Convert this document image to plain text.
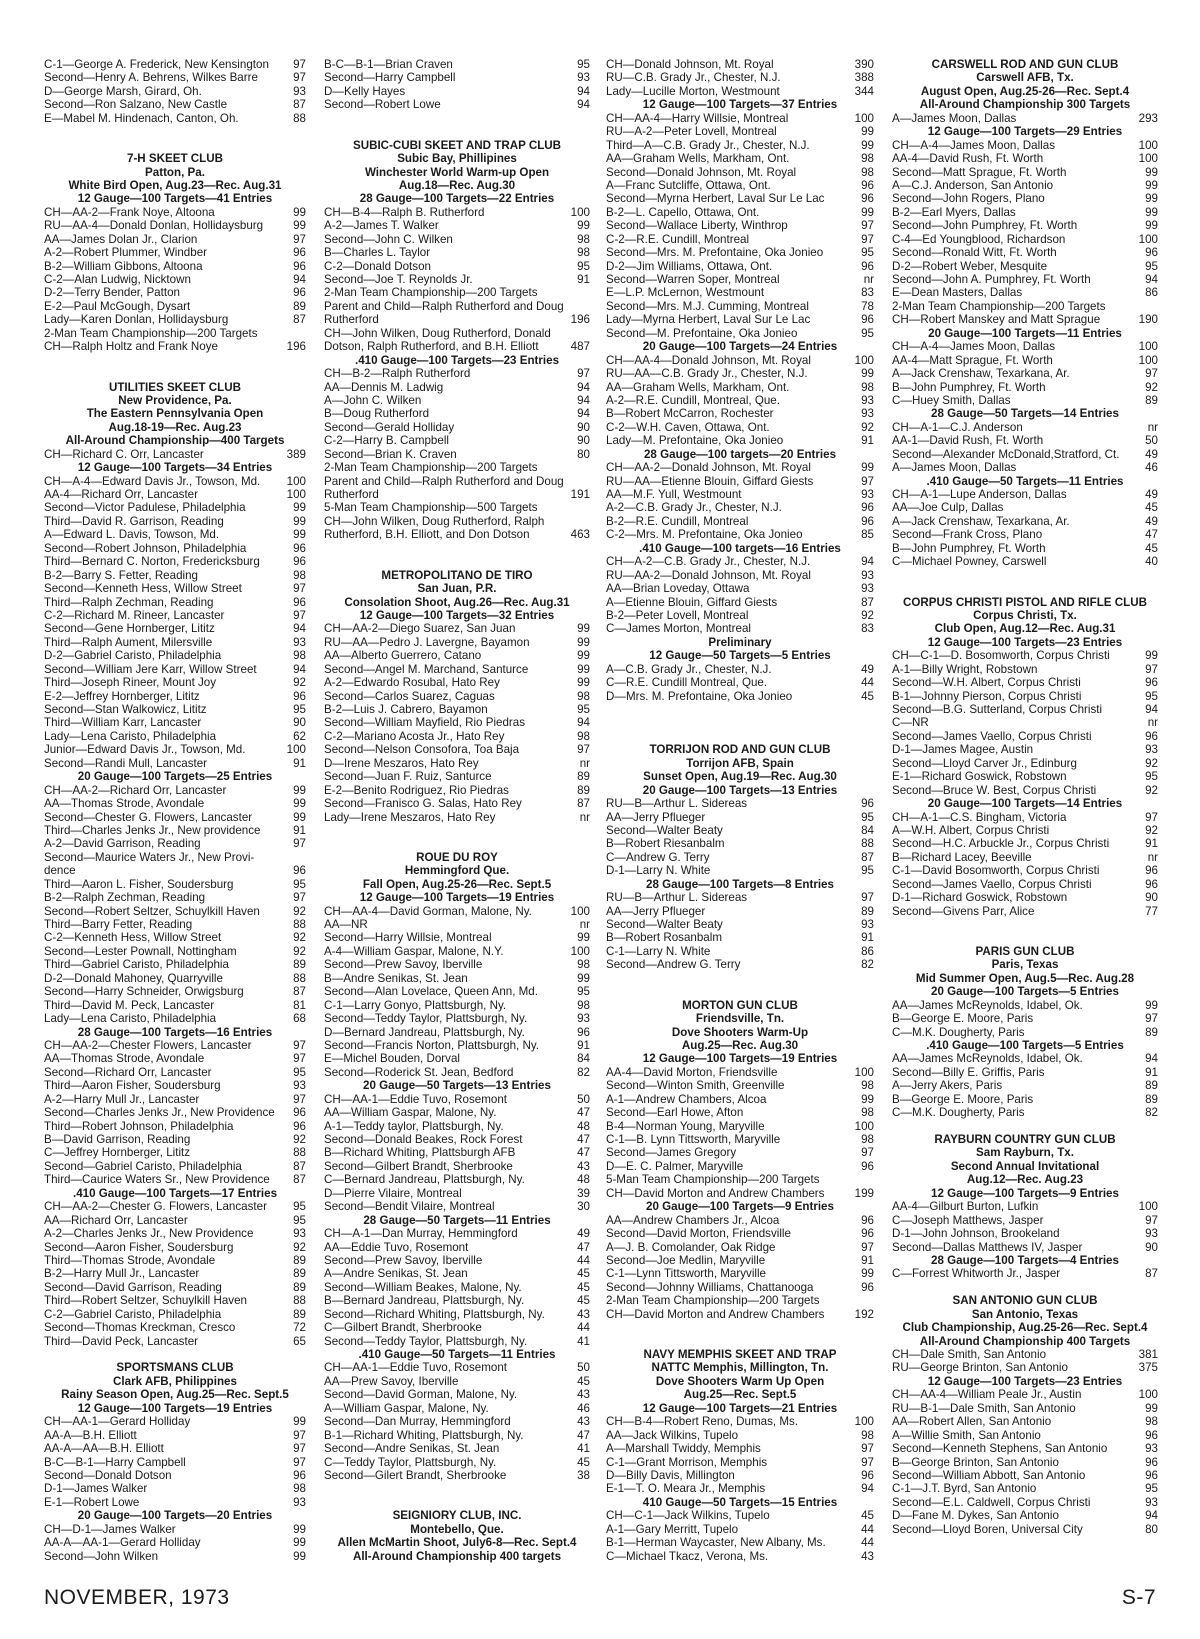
C-1—George A. Frederick, New Kensington	97
Second—Henry A. Behrens, Wilkes Barre	97
D—George Marsh, Girard, Oh.	93
Second—Ron Salzano, New Castle	87
E—Mabel M. Hindenach, Canton, Oh.	88
7-H SKEET CLUB
Patton, Pa.
White Bird Open, Aug.23—Rec. Aug.31
12 Gauge—100 Targets—41 Entries
CH—AA-2—Frank Noye, Altoona	99
RU—AA-4—Donald Donlan, Hollidaysburg	99
AA—James Dolan Jr., Clarion	97
A-2—Robert Plummer, Windber	96
B-2—William Gibbons, Altoona	96
C-2—Alan Ludwig, Nicktown	94
D-2—Terry Bender, Patton	96
E-2—Paul McGough, Dysart	89
Lady—Karen Donlan, Hollidaysburg	87
2-Man Team Championship—200 Targets
CH—Ralph Holtz and Frank Noye	196
UTILITIES SKEET CLUB
New Providence, Pa.
The Eastern Pennsylvania Open
Aug.18-19—Rec. Aug.23
All-Around Championship—400 Targets
CH—Richard C. Orr, Lancaster	389
12 Gauge—100 Targets—34 Entries
CH—A-4—Edward Davis Jr., Towson, Md.	100
AA-4—Richard Orr, Lancaster	100
Second—Victor Padulese, Philadelphia	99
Third—David R. Garrison, Reading	99
A—Edward L. Davis, Towson, Md.	99
Second—Robert Johnson, Philadelphia	96
Third—Bernard C. Norton, Fredericksburg	96
B-2—Barry S. Fetter, Reading	98
Second—Kenneth Hess, Willow Street	97
Third—Ralph Zechman, Reading	96
C-2—Richard M. Rineer, Lancaster	97
Second—Gene Hornberger, Lititz	94
Third—Ralph Aument, Milersville	93
D-2—Gabriel Caristo, Philadelphia	98
Second—William Jere Karr, Willow Street	94
Third—Joseph Rineer, Mount Joy	92
E-2—Jeffrey Hornberger, Lititz	96
Second—Stan Walkowicz, Lititz	95
Third—William Karr, Lancaster	90
Lady—Lena Caristo, Philadelphia	62
Junior—Edward Davis Jr., Towson, Md.	100
Second—Randi Mull, Lancaster	91
20 Gauge—100 Targets—25 Entries
CH—AA-2—Richard Orr, Lancaster	99
AA—Thomas Strode, Avondale	99
Second—Chester G. Flowers, Lancaster	99
Third—Charles Jenks Jr., New providence	91
A-2—David Garrison, Reading	97
Second—Maurice Waters Jr., New Provi-
dence	96
Third—Aaron L. Fisher, Soudersburg	95
B-2—Ralph Zechman, Reading	97
Second—Robert Seltzer, Schuylkill Haven	92
Third—Barry Fetter, Reading	88
C-2—Kenneth Hess, Willow Street	92
Second—Lester Pownall, Nottingham	92
Third—Gabriel Caristo, Philadelphia	89
D-2—Donald Mahoney, Quarryville	88
Second—Harry Schneider, Orwigsburg	87
Third—David M. Peck, Lancaster	81
Lady—Lena Caristo, Philadelphia	68
28 Gauge—100 Targets—16 Entries
CH—AA-2—Chester Flowers, Lancaster	97
AA—Thomas Strode, Avondale	97
Second—Richard Orr, Lancaster	95
Third—Aaron Fisher, Soudersburg	93
A-2—Harry Mull Jr., Lancaster	97
Second—Charles Jenks Jr., New Providence	96
Third—Robert Johnson, Philadelphia	96
B—David Garrison, Reading	92
C—Jeffrey Hornberger, Lititz	88
Second—Gabriel Caristo, Philadelphia	87
Third—Caurice Waters Sr., New Providence	87
.410 Gauge—100 Targets—17 Entries
CH—AA-2—Chester G. Flowers, Lancaster	95
AA—Richard Orr, Lancaster	95
A-2—Charles Jenks Jr., New Providence	93
Second—Aaron Fisher, Soudersburg	92
Third—Thomas Strode, Avondale	89
B-2—Harry Mull Jr., Lancaster	89
Second—David Garrison, Reading	89
Third—Robert Seltzer, Schuylkill Haven	88
C-2—Gabriel Caristo, Philadelphia	89
Second—Thomas Kreckman, Cresco	72
Third—David Peck, Lancaster	65
SPORTSMANS CLUB
Clark AFB, Philippines
Rainy Season Open, Aug.25—Rec. Sept.5
12 Gauge—100 Targets—19 Entries
CH—AA-1—Gerard Holliday	99
AA-A—B.H. Elliott	97
AA-A—AA—B.H. Elliott	97
B-C—B-1—Harry Campbell	97
Second—Donald Dotson	96
D-1—James Walker	98
E-1—Robert Lowe	93
20 Gauge—100 Targets—20 Entries
CH—D-1—James Walker	99
AA-A—AA-1—Gerard Holliday	99
Second—John Wilken	99
B-C—B-1—Brian Craven	95
Second—Harry Campbell	93
D—Kelly Hayes	94
Second—Robert Lowe	94
SUBIC-CUBI SKEET AND TRAP CLUB
Subic Bay, Phillipines
Winchester World Warm-up Open
Aug.18—Rec. Aug.30
28 Gauge—100 Targets—22 Entries
CH—B-4—Ralph B. Rutherford	100
A-2—James T. Walker	99
Second—John C. Wilken	98
B—Charles L. Taylor	98
C-2—Donald Dotson	95
Second—Joe T. Reynolds Jr.	91
2-Man Team Championship—200 Targets
Parent and Child—Ralph Rutherford and Doug
Rutherford	196
CH—John Wilken, Doug Rutherford, Donald
Dotson, Ralph Rutherford, and B.H. Elliott	487
.410 Gauge—100 Targets—23 Entries
CH—B-2—Ralph Rutherford	97
AA—Dennis M. Ladwig	94
A—John C. Wilken	94
B—Doug Rutherford	94
Second—Gerald Holliday	90
C-2—Harry B. Campbell	90
Second—Brian K. Craven	80
2-Man Team Championship—200 Targets
Parent and Child—Ralph Rutherford and Doug
Rutherford	191
5-Man Team Championship—500 Targets
CH—John Wilken, Doug Rutherford, Ralph
Rutherford, B.H. Elliott, and Don Dotson	463
METROPOLITANO DE TIRO
San Juan, P.R.
Consolation Shoot, Aug.26—Rec. Aug.31
12 Gauge—100 Targets—32 Entries
CH—AA-2—Diego Suarez, San Juan	99
RU—AA—Pedro J. Lavergne, Bayamon	99
AA—Alberto Guerrero, Catano	99
Second—Angel M. Marchand, Santurce	99
A-2—Edwardo Rosubal, Hato Rey	99
Second—Carlos Suarez, Caguas	98
B-2—Luis J. Cabrero, Bayamon	95
Second—William Mayfield, Rio Piedras	94
C-2—Mariano Acosta Jr., Hato Rey	98
Second—Nelson Consofora, Toa Baja	97
D—Irene Meszaros, Hato Rey	nr
Second—Juan F. Ruiz, Santurce	89
E-2—Benito Rodriguez, Rio Piedras	89
Second—Franisco G. Salas, Hato Rey	87
Lady—Irene Meszaros, Hato Rey	nr
ROUE DU ROY
Hemmingford Que.
Fall Open, Aug.25-26—Rec. Sept.5
12 Gauge—100 Targets—19 Entries
CH—AA-4—David Gorman, Malone, Ny.	100
AA—NR	nr
Second—Harry Willsie, Montreal	99
A-4—William Gaspar, Malone, N.Y.	100
Second—Prew Savoy, Iberville	98
B—Andre Senikas, St. Jean	99
Second—Alan Lovelace, Queen Ann, Md.	95
C-1—Larry Gonyo, Plattsburgh, Ny.	98
Second—Teddy Taylor, Plattsburgh, Ny.	93
D—Bernard Jandreau, Plattsburgh, Ny.	96
Second—Francis Norton, Plattsburgh, Ny.	91
E—Michel Bouden, Dorval	84
Second—Roderick St. Jean, Bedford	82
20 Gauge—50 Targets—13 Entries
CH—AA-1—Eddie Tuvo, Rosemont	50
AA—William Gaspar, Malone, Ny.	47
A-1—Teddy taylor, Plattsburgh, Ny.	48
Second—Donald Beakes, Rock Forest	47
B—Richard Whiting, Plattsburgh AFB	47
Second—Gilbert Brandt, Sherbrooke	43
C—Bernard Jandreau, Plattsburgh, Ny.	48
D—Pierre Vilaire, Montreal	39
Second—Bendit Vilaire, Montreal	30
28 Gauge—50 Targets—11 Entries
CH—A-1—Dan Murray, Hemmingford	49
AA—Eddie Tuvo, Rosemont	47
Second—Prew Savoy, Iberville	44
A—Andre Senikas, St. Jean	45
Second—William Beakes, Malone, Ny.	45
B—Bernard Jandreau, Plattsburgh, Ny.	45
Second—Richard Whiting, Plattsburgh, Ny.	43
C—Gilbert Brandt, Sherbrooke	44
Second—Teddy Taylor, Plattsburgh, Ny.	41
.410 Gauge—50 Targets—11 Entries
CH—AA-1—Eddie Tuvo, Rosemont	50
AA—Prew Savoy, Iberville	45
Second—David Gorman, Malone, Ny.	43
A—William Gaspar, Malone, Ny.	46
Second—Dan Murray, Hemmingford	43
B-1—Richard Whiting, Plattsburgh, Ny.	47
Second—Andre Senikas, St. Jean	41
C—Teddy Taylor, Plattsburgh, Ny.	45
Second—Gilert Brandt, Sherbrooke	38
SEIGNIORY CLUB, INC.
Montebello, Que.
Allen McMartin Shoot, July6-8—Rec. Sept.4
All-Around Championship 400 targets
CH—Donald Johnson, Mt. Royal	390
RU—C.B. Grady Jr., Chester, N.J.	388
Lady—Lucille Morton, Westmount	344
12 Gauge—100 Targets—37 Entries
CH—AA-4—Harry Willsie, Montreal	100
RU—A-2—Peter Lovell, Montreal	99
Third—A—C.B. Grady Jr., Chester, N.J.	99
AA—Graham Wells, Markham, Ont.	98
Second—Donald Johnson, Mt. Royal	98
A—Franc Sutcliffe, Ottawa, Ont.	96
Second—Myrna Herbert, Laval Sur Le Lac	96
B-2—L. Capello, Ottawa, Ont.	99
Second—Wallace Liberty, Winthrop	97
C-2—R.E. Cundill, Montreal	97
Second—Mrs. M. Prefontaine, Oka Jonieo	95
D-2—Jim Williams, Ottawa, Ont.	96
Second—Warren Soper, Montreal	nr
E—L.P. McLernon, Westmount	83
Second—Mrs. M.J. Cumming, Montreal	78
Lady—Myrna Herbert, Laval Sur Le Lac	96
Second—M. Prefontaine, Oka Jonieo	95
20 Gauge—100 Targets—24 Entries
CH—AA-4—Donald Johnson, Mt. Royal	100
RU—AA—C.B. Grady Jr., Chester, N.J.	99
AA—Graham Wells, Markham, Ont.	98
A-2—R.E. Cundill, Montreal, Que.	93
B—Robert McCarron, Rochester	93
C-2—W.H. Caven, Ottawa, Ont.	92
Lady—M. Prefontaine, Oka Jonieo	91
28 Gauge—100 targets—20 Entries
CH—AA-2—Donald Johnson, Mt. Royal	99
RU—AA—Etienne Blouin, Giffard Giests	97
AA—M.F. Yull, Westmount	93
A-2—C.B. Grady Jr., Chester, N.J.	96
B-2—R.E. Cundill, Montreal	96
C-2—Mrs. M. Prefontaine, Oka Jonieo	85
.410 Gauge—100 targets—16 Entries
CH—A-2—C.B. Grady Jr., Chester, N.J.	94
RU—AA-2—Donald Johnson, Mt. Royal	93
AA—Brian Loveday, Ottawa	93
A—Etienne Blouin, Giffard Giests	87
B-2—Peter Lovell, Montreal	92
C—James Morton, Montreal	83
Preliminary
12 Gauge—50 Targets—5 Entries
A—C.B. Grady Jr., Chester, N.J.	49
C—R.E. Cundill Montreal, Que.	44
D—Mrs. M. Prefontaine, Oka Jonieo	45
TORRIJON ROD AND GUN CLUB
Torrijon AFB, Spain
Sunset Open, Aug.19—Rec. Aug.30
20 Gauge—100 Targets—13 Entries
RU—B—Arthur L. Sidereas	96
AA—Jerry Pflueger	95
Second—Walter Beaty	84
B—Robert Riesanbalm	88
C—Andrew G. Terry	87
D-1—Larry N. White	95
28 Gauge—100 Targets—8 Entries
RU—B—Arthur L. Sidereas	97
AA—Jerry Pflueger	89
Second—Walter Beaty	93
B—Robert Rosanbalm	91
C-1—Larry N. White	86
Second—Andrew G. Terry	82
MORTON GUN CLUB
Friendsville, Tn.
Dove Shooters Warm-Up
Aug.25—Rec. Aug.30
12 Gauge—100 Targets—19 Entries
AA-4—David Morton, Friendsville	100
Second—Winton Smith, Greenville	98
A-1—Andrew Chambers, Alcoa	99
Second—Earl Howe, Afton	98
B-4—Norman Young, Maryville	100
C-1—B. Lynn Tittsworth, Maryville	98
Second—James Gregory	97
D—E. C. Palmer, Maryville	96
5-Man Team Championship—200 Targets
CH—David Morton and Andrew Chambers	199
20 Gauge—100 Targets—9 Entries
AA—Andrew Chambers Jr., Alcoa	96
Second—David Morton, Friendsville	96
A—J. B. Comolander, Oak Ridge	97
Second—Joe Medlin, Maryville	91
C-1—Lynn Tittsworth, Maryville	99
Second—Johnny Williams, Chattanooga	96
2-Man Team Championship—200 Targets
CH—David Morton and Andrew Chambers	192
NAVY MEMPHIS SKEET AND TRAP
NATTC Memphis, Millington, Tn.
Dove Shooters Warm Up Open
Aug.25—Rec. Sept.5
12 Gauge—100 Targets—21 Entries
CH—B-4—Robert Reno, Dumas, Ms.	100
AA—Jack Wilkins, Tupelo	98
A—Marshall Twiddy, Memphis	97
C-1—Grant Morrison, Memphis	97
D—Billy Davis, Millington	96
E-1—T. O. Meara Jr., Memphis	94
410 Gauge—50 Targets—15 Entries
CH—C-1—Jack Wilkins, Tupelo	45
A-1—Gary Merritt, Tupelo	44
B-1—Herman Waycaster, New Albany, Ms.	44
C—Michael Tkacz, Verona, Ms.	43
CARSWELL ROD AND GUN CLUB
Carswell AFB, Tx.
August Open, Aug.25-26—Rec. Sept.4
All-Around Championship 300 Targets
A—James Moon, Dallas	293
12 Gauge—100 Targets—29 Entries
CH—A-4—James Moon, Dallas	100
AA-4—David Rush, Ft. Worth	100
Second—Matt Sprague, Ft. Worth	99
A—C.J. Anderson, San Antonio	99
Second—John Rogers, Plano	99
B-2—Earl Myers, Dallas	99
Second—John Pumphrey, Ft. Worth	99
C-4—Ed Youngblood, Richardson	100
Second—Ronald Witt, Ft. Worth	96
D-2—Robert Weber, Mesquite	95
Second—John A. Pumphrey, Ft. Worth	94
E—Dean Masters, Dallas	86
2-Man Team Championship—200 Targets
CH—Robert Manskey and Matt Sprague	190
20 Gauge—100 Targets—11 Entries
CH—A-4—James Moon, Dallas	100
AA-4—Matt Sprague, Ft. Worth	100
A—Jack Crenshaw, Texarkana, Ar.	97
B—John Pumphrey, Ft. Worth	92
C—Huey Smith, Dallas	89
28 Gauge—50 Targets—14 Entries
CH—A-1—C.J. Anderson	nr
AA-1—David Rush, Ft. Worth	50
Second—Alexander McDonald,Stratford, Ct.	49
A—James Moon, Dallas	46
.410 Gauge—50 Targets—11 Entries
CH—A-1—Lupe Anderson, Dallas	49
AA—Joe Culp, Dallas	45
A—Jack Crenshaw, Texarkana, Ar.	49
Second—Frank Cross, Plano	47
B—John Pumphrey, Ft. Worth	45
C—Michael Powney, Carswell	40
CORPUS CHRISTI PISTOL AND RIFLE CLUB
Corpus Christi, Tx.
Club Open, Aug.12—Rec. Aug.31
12 Gauge—100 Targets—23 Entries
CH—C-1—D. Bosomworth, Corpus Christi	99
A-1—Billy Wright, Robstown	97
Second—W.H. Albert, Corpus Christi	96
B-1—Johnny Pierson, Corpus Christi	95
Second—B.G. Sutterland, Corpus Christi	94
C—NR	nr
Second—James Vaello, Corpus Christi	96
D-1—James Magee, Austin	93
Second—Lloyd Carver Jr., Edinburg	92
E-1—Richard Goswick, Robstown	95
Second—Bruce W. Best, Corpus Christi	92
20 Gauge—100 Targets—14 Entries
CH—A-1—C.S. Bingham, Victoria	97
A—W.H. Albert, Corpus Christi	92
Second—H.C. Arbuckle Jr., Corpus Christi	91
B—Richard Lacey, Beeville	nr
C-1—David Bosomworth, Corpus Christi	96
Second—James Vaello, Corpus Christi	96
D-1—Richard Goswick, Robstown	90
Second—Givens Parr, Alice	77
PARIS GUN CLUB
Paris, Texas
Mid Summer Open, Aug.5—Rec. Aug.28
20 Gauge—100 Targets—5 Entries
AA—James McReynolds, Idabel, Ok.	99
B—George E. Moore, Paris	97
C—M.K. Dougherty, Paris	89
.410 Gauge—100 Targets—5 Entries
AA—James McReynolds, Idabel, Ok.	94
Second—Billy E. Griffis, Paris	91
A—Jerry Akers, Paris	89
B—George E. Moore, Paris	89
C—M.K. Dougherty, Paris	82
RAYBURN COUNTRY GUN CLUB
Sam Rayburn, Tx.
Second Annual Invitational
Aug.12—Rec. Aug.23
12 Gauge—100 Targets—9 Entries
AA-4—Gilburt Burton, Lufkin	100
C—Joseph Matthews, Jasper	97
D-1—John Johnson, Brookeland	93
Second—Dallas Matthews IV, Jasper	90
28 Gauge—100 Targets—4 Entries
C—Forrest Whitworth Jr., Jasper	87
SAN ANTONIO GUN CLUB
San Antonio, Texas
Club Championship, Aug.25-26—Rec. Sept.4
All-Around Championship 400 Targets
CH—Dale Smith, San Antonio	381
RU—George Brinton, San Antonio	375
12 Gauge—100 Targets—23 Entries
CH—AA-4—William Peale Jr., Austin	100
RU—B-1—Dale Smith, San Antonio	99
AA—Robert Allen, San Antonio	98
A—Willie Smith, San Antonio	96
Second—Kenneth Stephens, San Antonio	93
B—George Brinton, San Antonio	96
Second—William Abbott, San Antonio	96
C-1—J.T. Byrd, San Antonio	95
Second—E.L. Caldwell, Corpus Christi	93
D—Fane M. Dykes, San Antonio	94
Second—Lloyd Boren, Universal City	80
NOVEMBER, 1973	S-7
